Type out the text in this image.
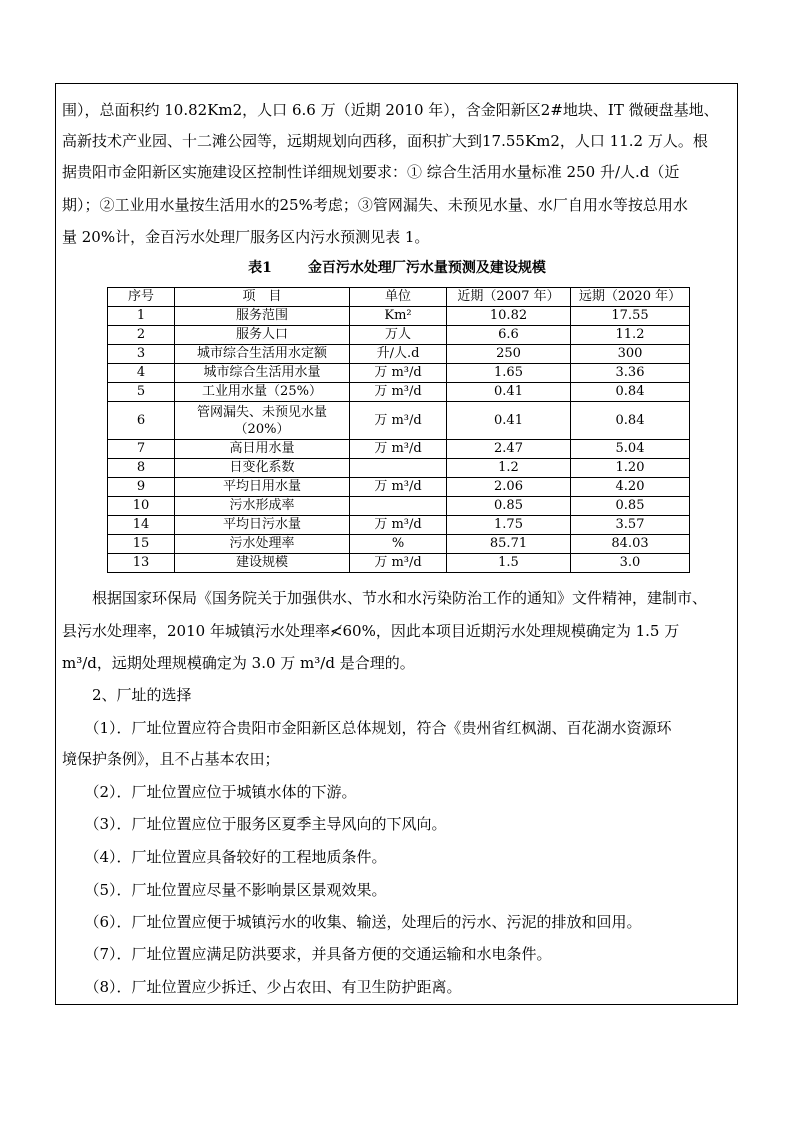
围），总面积约 10.82Km2，人口 6.6 万（近期 2010 年），含金阳新区2#地块、IT 微硬盘基地、
高新技术产业园、十二滩公园等，远期规划向西移，面积扩大到17.55Km2，人口 11.2 万人。根
据贵阳市金阳新区实施建设区控制性详细规划要求：① 综合生活用水量标准 250 升/人.d（近
期）；②工业用水量按生活用水的25%考虑；③管网漏失、未预见水量、水厂自用水等按总用水
量 20%计，金百污水处理厂服务区内污水预测见表 1。
表1	金百污水处理厂污水量预测及建设规模
序号	项　目	单位	近期（2007 年）	远期（2020 年）
1	服务范围	Km²	10.82	17.55
2	服务人口	万人	6.6	11.2
3	城市综合生活用水定额	升/人.d	250	300
4	城市综合生活用水量	万 m³/d	1.65	3.36
5	工业用水量（25%）	万 m³/d	0.41	0.84
6	管网漏失、未预见水量（20%）	万 m³/d	0.41	0.84
7	高日用水量	万 m³/d	2.47	5.04
8	日变化系数		1.2	1.20
9	平均日用水量	万 m³/d	2.06	4.20
10	污水形成率		0.85	0.85
14	平均日污水量	万 m³/d	1.75	3.57
15	污水处理率	%	85.71	84.03
13	建设规模	万 m³/d	1.5	3.0
　　根据国家环保局《国务院关于加强供水、节水和水污染防治工作的通知》文件精神，建制市、
县污水处理率，2010 年城镇污水处理率≮60%，因此本项目近期污水处理规模确定为 1.5 万
m³/d，远期处理规模确定为 3.0 万 m³/d 是合理的。
　　2、厂址的选择
　　（1）．厂址位置应符合贵阳市金阳新区总体规划，符合《贵州省红枫湖、百花湖水资源环
境保护条例》，且不占基本农田；
　　（2）．厂址位置应位于城镇水体的下游。
　　（3）．厂址位置应位于服务区夏季主导风向的下风向。
　　（4）．厂址位置应具备较好的工程地质条件。
　　（5）．厂址位置应尽量不影响景区景观效果。
　　（6）．厂址位置应便于城镇污水的收集、输送，处理后的污水、污泥的排放和回用。
　　（7）．厂址位置应满足防洪要求，并具备方便的交通运输和水电条件。
　　（8）．厂址位置应少拆迁、少占农田、有卫生防护距离。
